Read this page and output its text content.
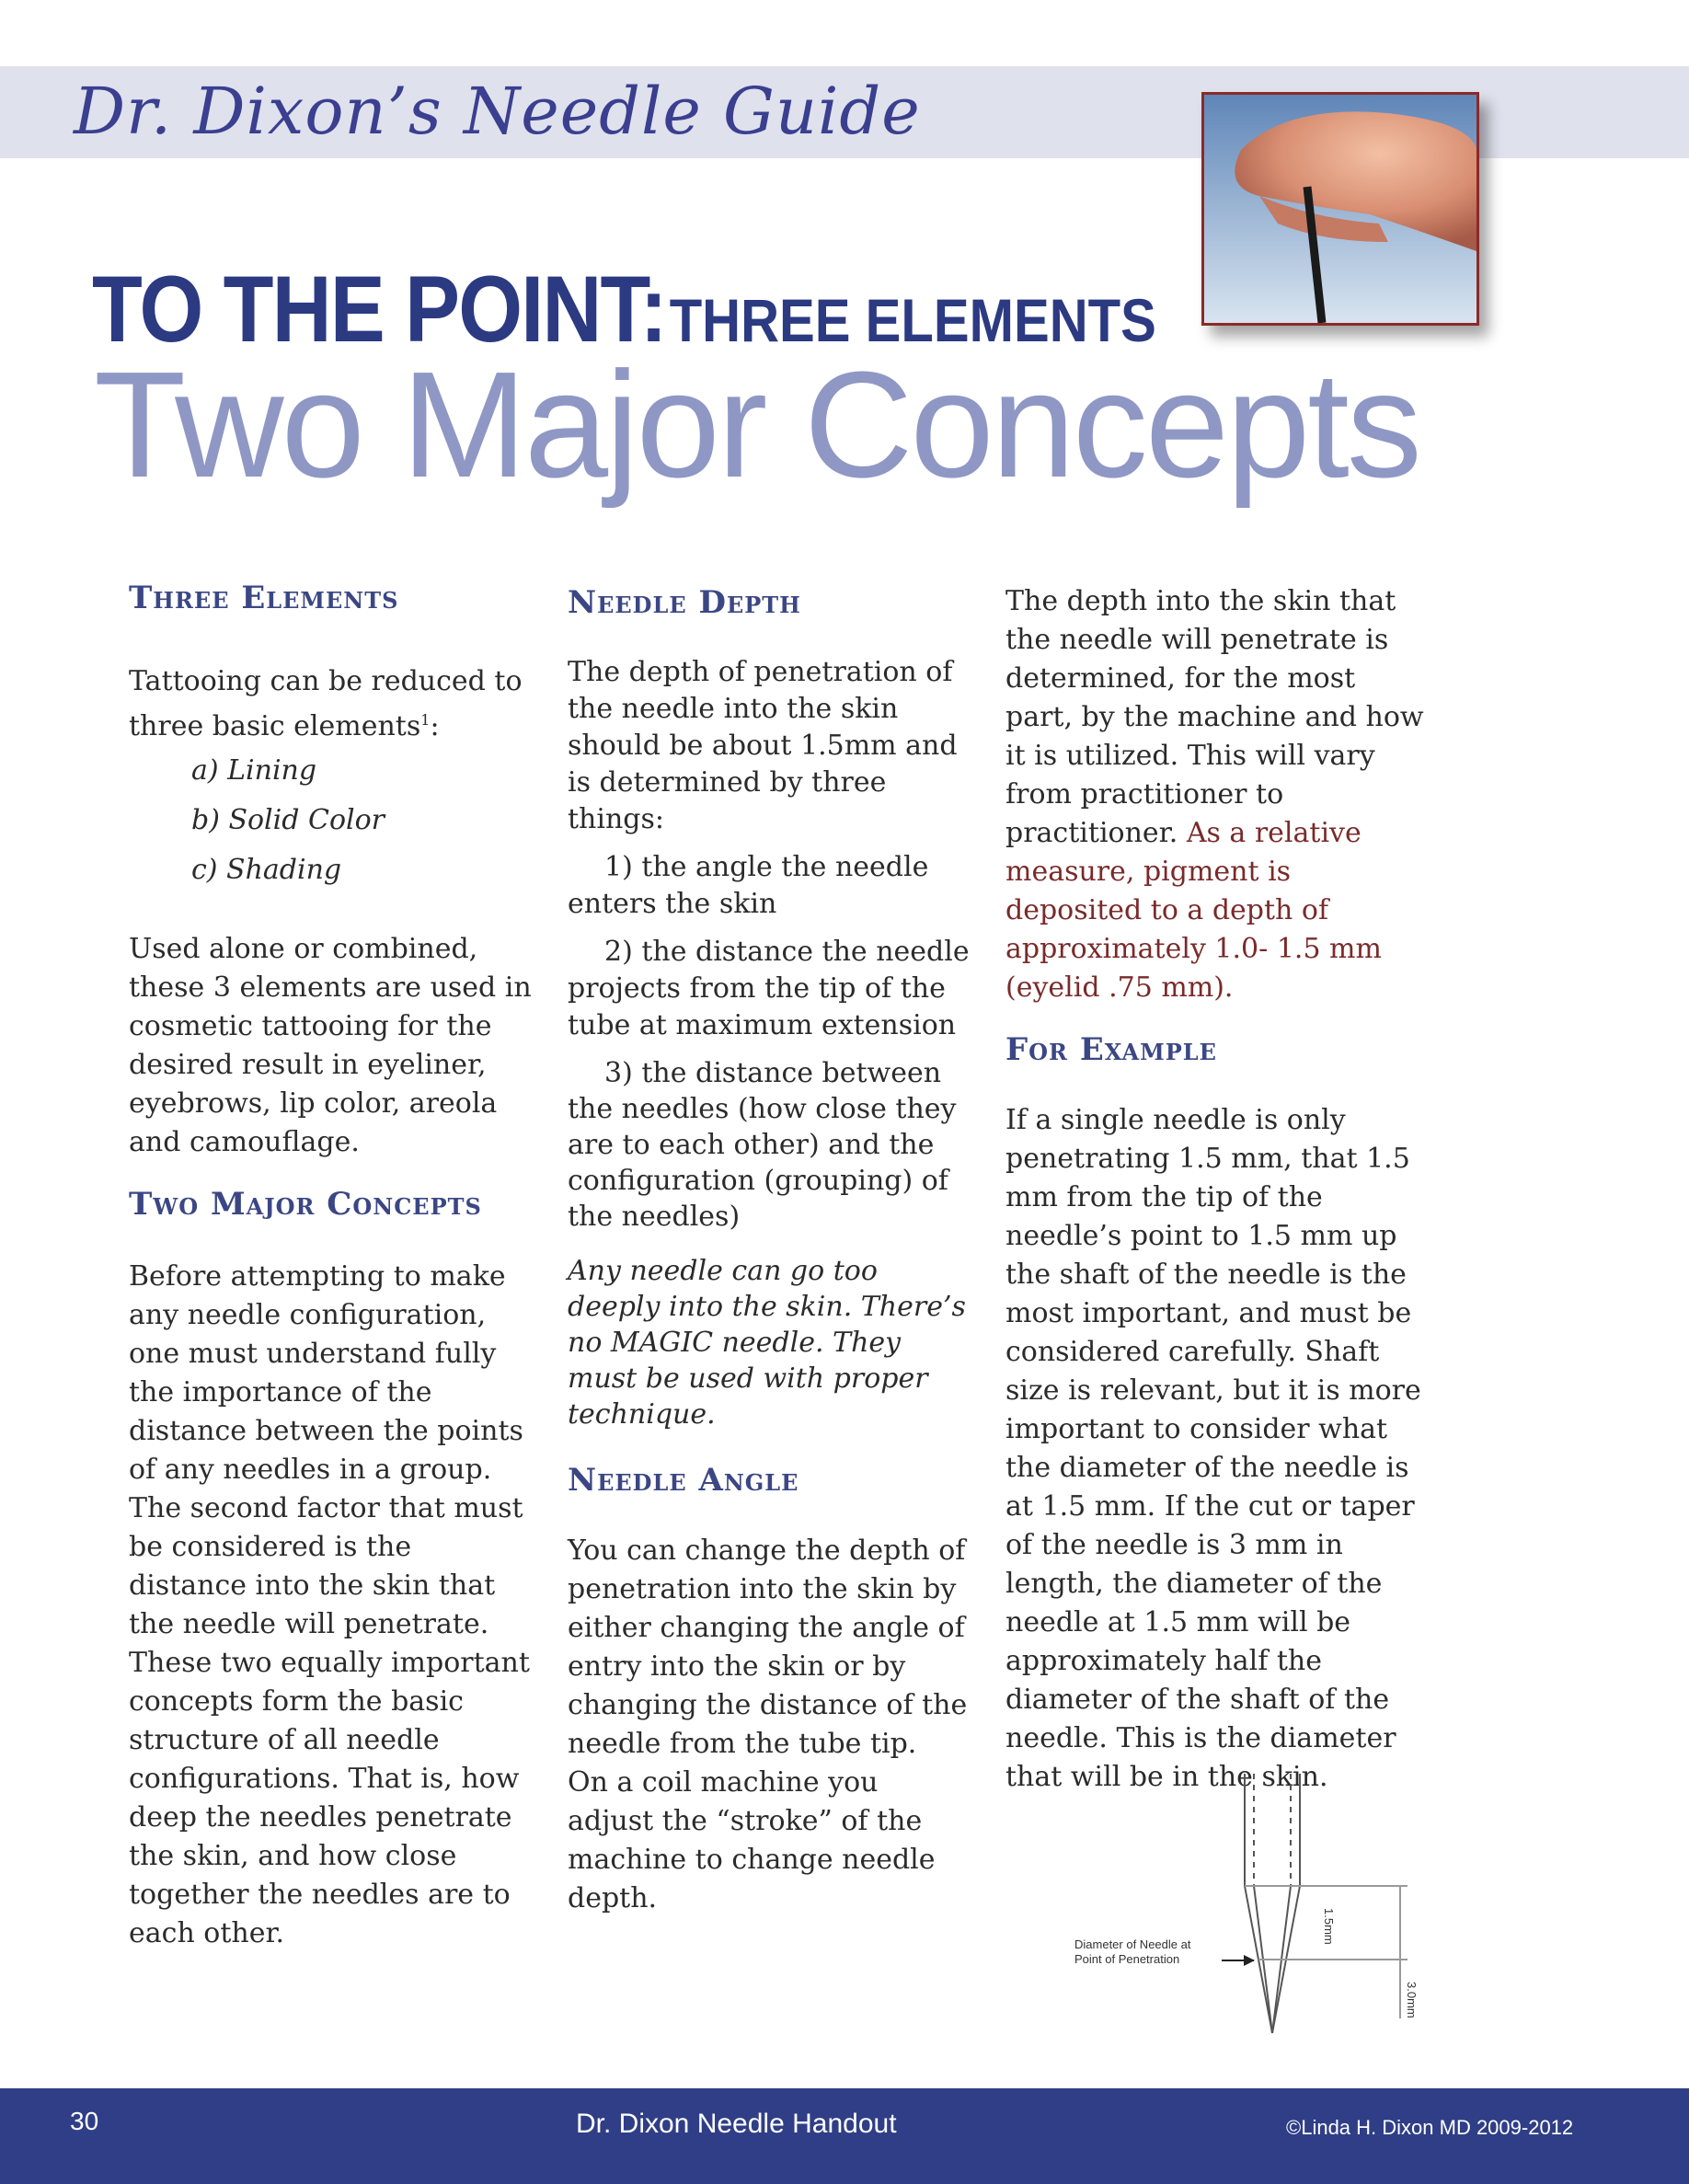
Dr. Dixon’s Needle Guide
TO THE POINT: THREE ELEMENTS
Two Major Concepts
Three Elements

Tattooing can be reduced to three basic elements$^1$:

a) Lining
b) Solid Color
c) Shading

Used alone or combined, these 3 elements are used in cosmetic tattooing for the desired result in eyeliner, eyebrows, lip color, areola and camouflage.

Two Major Concepts

Before attempting to make any needle configuration, one must understand fully the importance of the distance between the points of any needles in a group. The second factor that must be considered is the distance into the skin that the needle will penetrate. These two equally important concepts form the basic structure of all needle configurations. That is, how deep the needles penetrate the skin, and how close together the needles are to each other.

Needle Depth

The depth of penetration of the needle into the skin should be about 1.5mm and is determined by three things:

1) the angle the needle enters the skin

2) the distance the needle projects from the tip of the tube at maximum extension

3) the distance between the needles (how close they are to each other) and the configuration (grouping) of the needles)

Any needle can go too deeply into the skin. There’s no MAGIC needle. They must be used with proper technique.

Needle Angle

You can change the depth of penetration into the skin by either changing the angle of entry into the skin or by changing the distance of the needle from the tube tip.

On a coil machine you adjust the “stroke” of the machine to change needle depth.

The depth into the skin that the needle will penetrate is determined, for the most part, by the machine and how it is utilized. This will vary from practitioner to practitioner. As a relative measure, pigment is deposited to a depth of approximately 1.0- 1.5 mm (eyelid .75 mm).

For Example

If a single needle is only penetrating 1.5 mm, that 1.5 mm from the tip of the needle’s point to 1.5 mm up the shaft of the needle is the most important, and must be considered carefully. Shaft size is relevant, but it is more important to consider what the diameter of the needle is at 1.5 mm. If the cut or taper of the needle is 3 mm in length, the diameter of the needle at 1.5 mm will be approximately half the diameter of the shaft of the needle. This is the diameter that will be in the skin.

Diameter of Needle at
Point of Penetration
1.5mm
3.0mm
30	Dr. Dixon Needle Handout	©Linda H. Dixon MD 2009-2012
